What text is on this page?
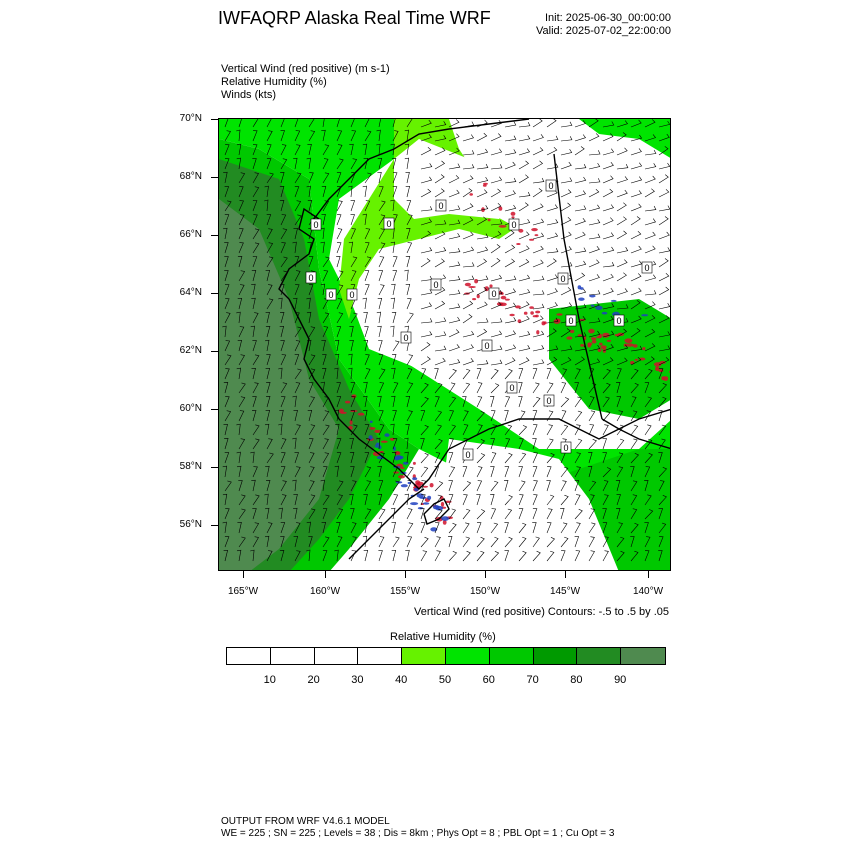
IWFAQRP Alaska Real Time WRF	Init: 2025-06-30_00:00:00
Valid: 2025-07-02_22:00:00
Vertical Wind (red positive) (m s-1)
Relative Humidity (%)
Winds (kts)
0
0
0
0
0
0
0
0
0
0
0
0
0
0
0
0	0
0
0
0
70°N
68°N
66°N
64°N
62°N
60°N
58°N
56°N
165°W	160°W	155°W	150°W	145°W	140°W
Vertical Wind (red positive) Contours: -.5 to .5 by .05
Relative Humidity (%)
10	20	30	40	50	60	70	80	90
OUTPUT FROM WRF V4.6.1 MODEL
WE = 225 ; SN = 225 ; Levels = 38 ; Dis = 8km ; Phys Opt = 8 ; PBL Opt = 1 ; Cu Opt = 3
